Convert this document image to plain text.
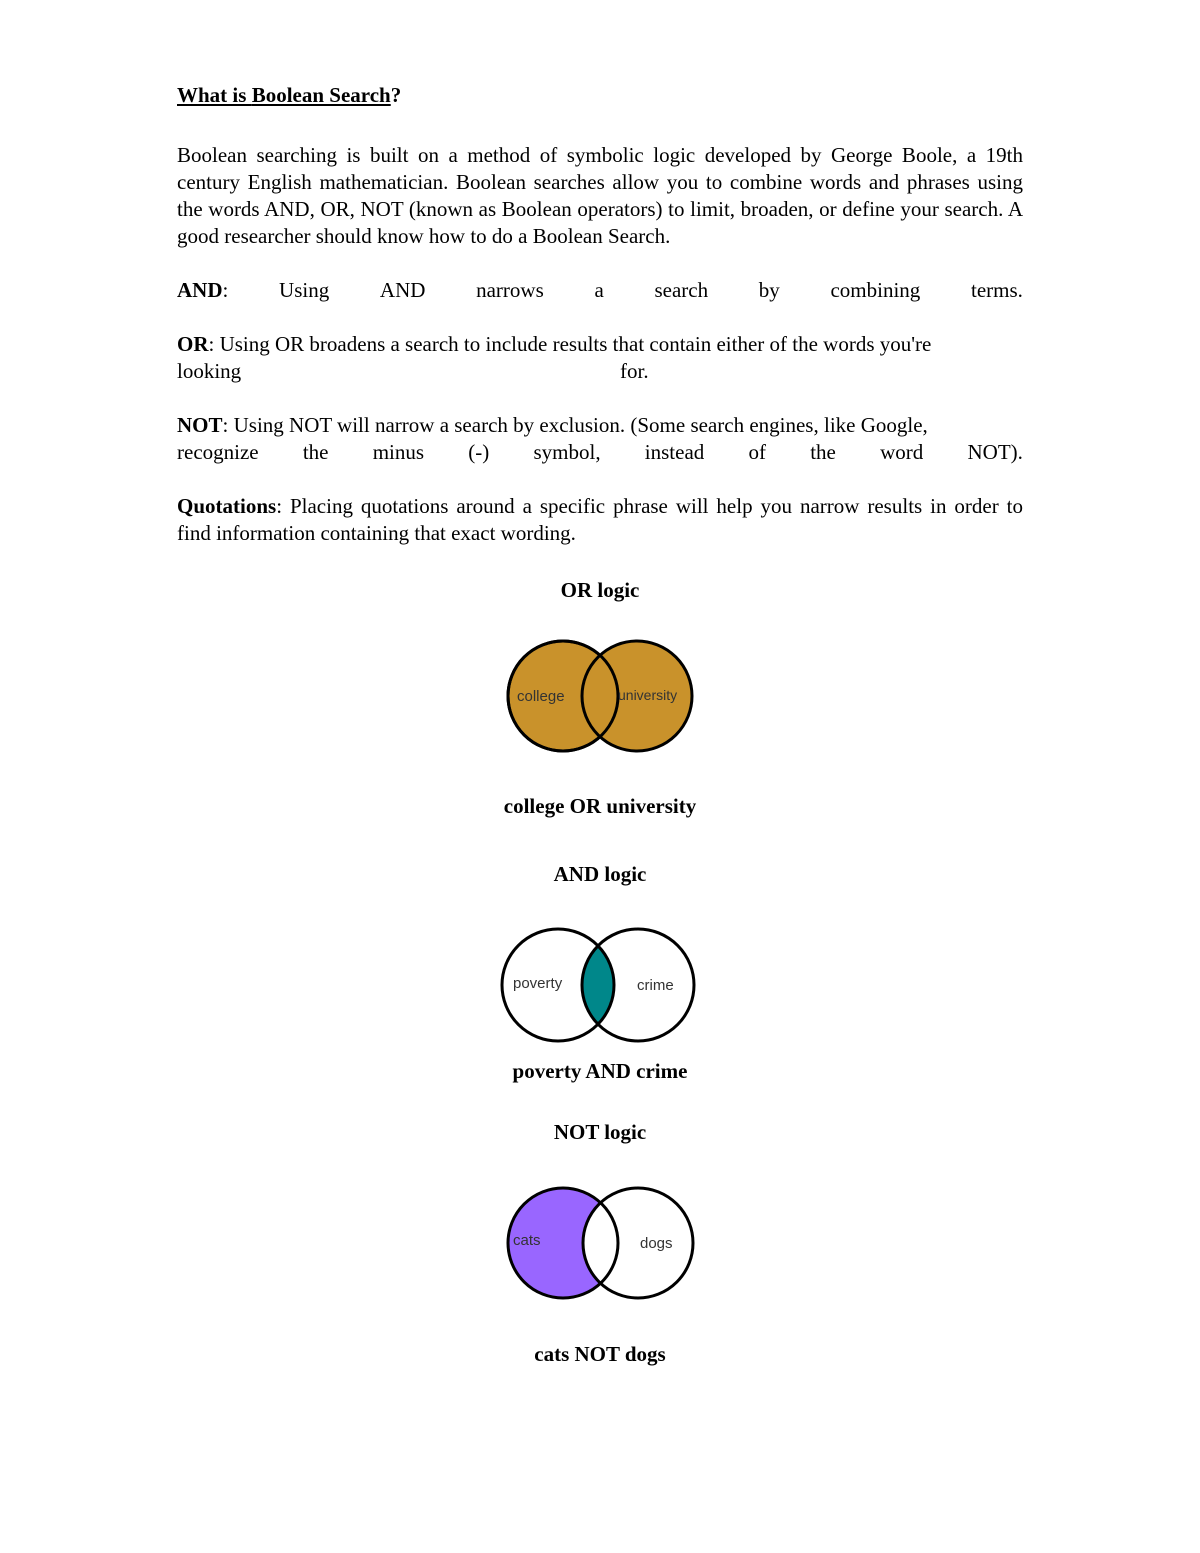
What is Boolean Search?

Boolean searching is built on a method of symbolic logic developed by George Boole, a 19th century English mathematician. Boolean searches allow you to combine words and phrases using the words AND, OR, NOT (known as Boolean operators) to limit, broaden, or define your search. A good researcher should know how to do a Boolean Search.

AND: Using AND narrows a search by combining terms.
OR: Using OR broadens a search to include results that contain either of the words you're
looking	for.
NOT: Using NOT will narrow a search by exclusion. (Some search engines, like Google,
recognize the minus (-) symbol, instead of the word NOT).

Quotations: Placing quotations around a specific phrase will help you narrow results in order to find information containing that exact wording.

OR logic
college	university
college OR university
AND logic
poverty	crime
poverty AND crime
NOT logic
cats	dogs
cats NOT dogs
